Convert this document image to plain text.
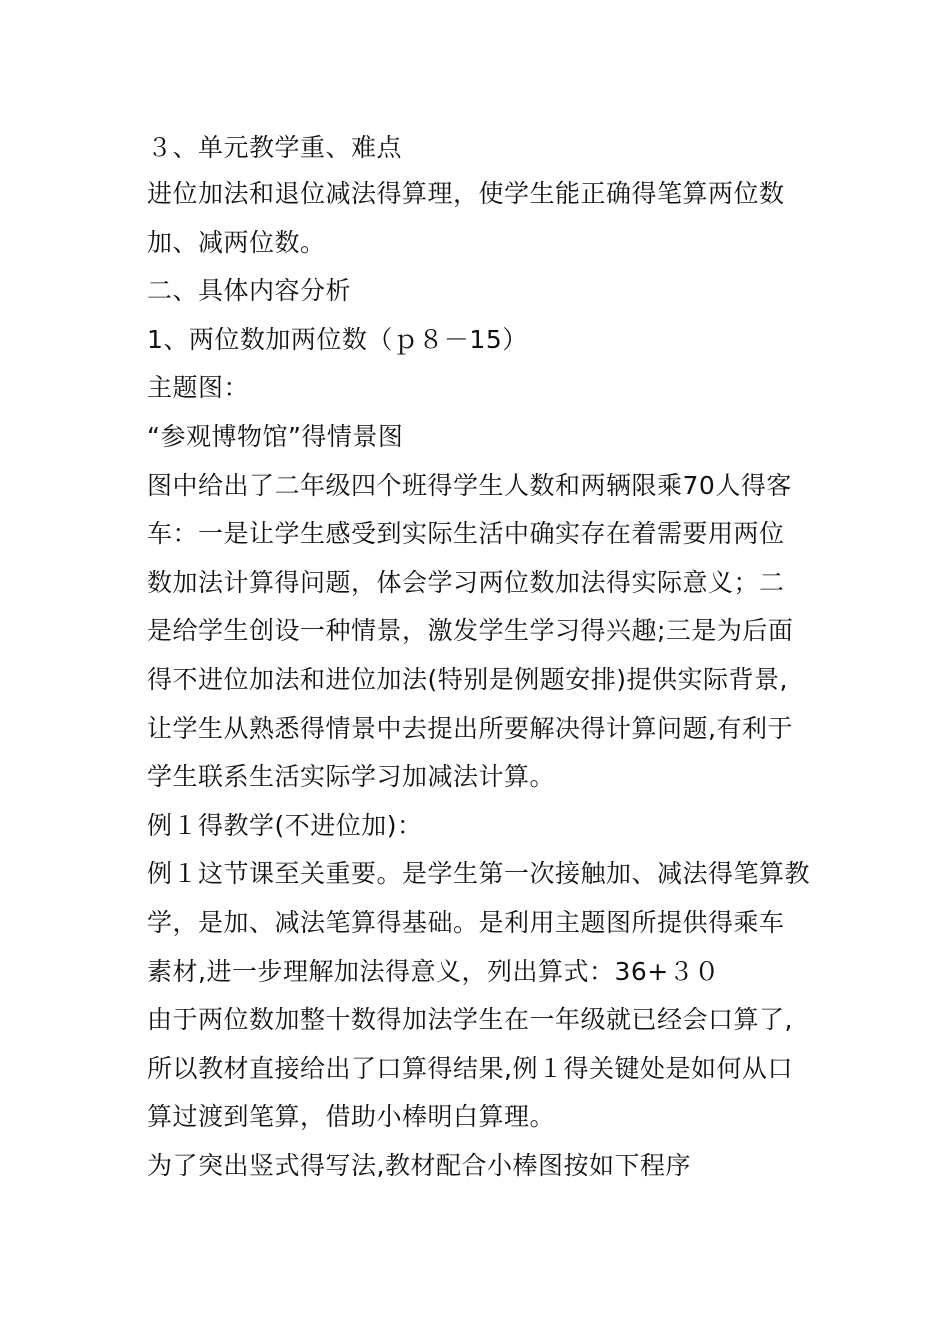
３、单元教学重、难点

进位加法和退位减法得算理，使学生能正确得笔算两位数

加、减两位数。

二、具体内容分析

1、两位数加两位数（ｐ８－15）

主题图：

“参观博物馆”得情景图

图中给出了二年级四个班得学生人数和两辆限乘70人得客

车：一是让学生感受到实际生活中确实存在着需要用两位

数加法计算得问题，体会学习两位数加法得实际意义；二

是给学生创设一种情景，激发学生学习得兴趣;三是为后面

得不进位加法和进位加法(特别是例题安排)提供实际背景,

让学生从熟悉得情景中去提出所要解决得计算问题,有利于

学生联系生活实际学习加减法计算。

例１得教学(不进位加)：

例１这节课至关重要。是学生第一次接触加、减法得笔算教

学，是加、减法笔算得基础。是利用主题图所提供得乘车

素材,进一步理解加法得意义，列出算式：36+３０

由于两位数加整十数得加法学生在一年级就已经会口算了,

所以教材直接给出了口算得结果,例１得关键处是如何从口

算过渡到笔算，借助小棒明白算理。

为了突出竖式得写法,教材配合小棒图按如下程序
